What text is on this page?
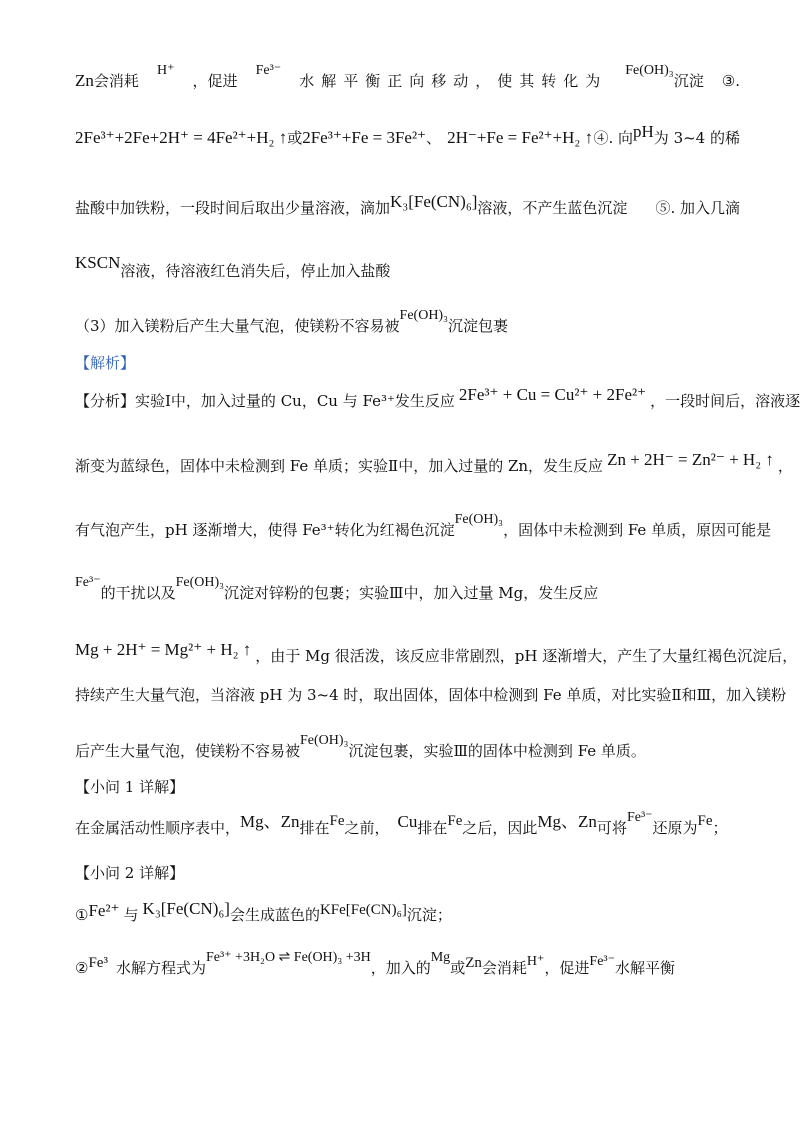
Zn会消耗
H⁺
，促进
Fe³⁻
水解平衡正向移动，使其转化为
Fe(OH)₃沉淀 ③.
2Fe³⁺+2Fe+2H⁺ = 4Fe²⁺+H₂ ↑或2Fe³⁺+Fe = 3Fe²⁺、 2H⁻+Fe = Fe²⁺+H₂ ↑ ④. 向pH为 3~4 的稀
盐酸中加铁粉，一段时间后取出少量溶液，滴加K₃[Fe(CN)₆]溶液，不产生蓝色沉淀 ⑤. 加入几滴
KSCN溶液，待溶液红色消失后，停止加入盐酸
（3）加入镁粉后产生大量气泡，使镁粉不容易被Fe(OH)₃沉淀包裹
【解析】
【分析】实验Ⅰ中，加入过量的 Cu，Cu 与 Fe³⁺发生反应 2Fe³⁺ + Cu = Cu²⁺ + 2Fe²⁺ ，一段时间后，溶液逐
渐变为蓝绿色，固体中未检测到 Fe 单质；实验Ⅱ中，加入过量的 Zn，发生反应 Zn + 2H⁻ = Zn²⁻ + H₂ ↑ ，
有气泡产生，pH 逐渐增大，使得 Fe³⁺转化为红褐色沉淀Fe(OH)₃，固体中未检测到 Fe 单质，原因可能是
Fe³⁻的干扰以及Fe(OH)₃沉淀对锌粉的包裹；实验Ⅲ中，加入过量 Mg，发生反应
Mg + 2H⁺ = Mg²⁺ + H₂ ↑ ，由于 Mg 很活泼，该反应非常剧烈，pH 逐渐增大，产生了大量红褐色沉淀后，
持续产生大量气泡，当溶液 pH 为 3~4 时，取出固体，固体中检测到 Fe 单质，对比实验Ⅱ和Ⅲ，加入镁粉
后产生大量气泡，使镁粉不容易被Fe(OH)₃沉淀包裹，实验Ⅲ的固体中检测到 Fe 单质。
【小问 1 详解】
在金属活动性顺序表中，Mg、Zn排在Fe之前， Cu排在Fe之后，因此Mg、Zn可将Fe³⁻还原为Fe；
【小问 2 详解】
①Fe²⁺ 与 K₃[Fe(CN)₆]会生成蓝色的KFe[Fe(CN)₆]沉淀；
②Fe³ 水解方程式为Fe³⁺ +3H₂O ⇌ Fe(OH)₃ +3H，加入的Mg或Zn会消耗H⁺，促进Fe³⁻水解平衡
